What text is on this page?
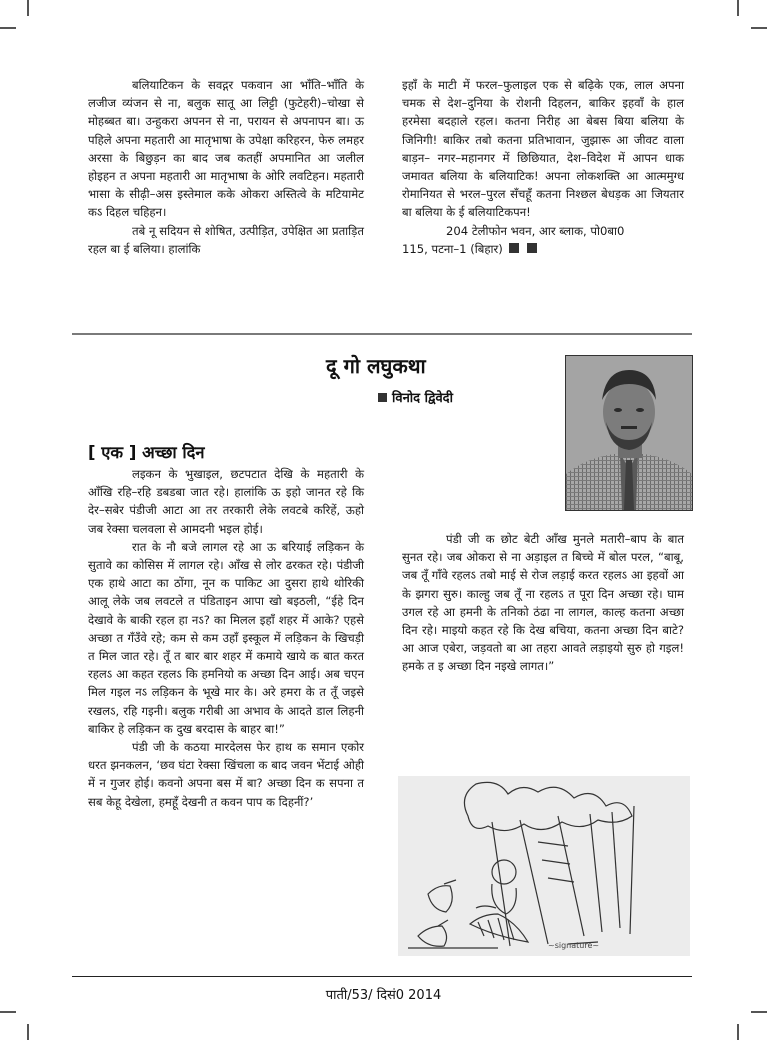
बलियाटिकन के सवद्गर पकवान आ भाँति–भाँति के लजीज व्यंजन से ना, बलुक सातू आ लिट्टी (फुटेहरी)–चोखा से मोहब्बत बा। उन्हुकरा अपनन से ना, परायन से अपनापन बा। ऊ पहिले अपना महतारी आ मातृभाषा के उपेक्षा करिहरन, फेरु लमहर अरसा के बिछुड़न का बाद जब कतहीं अपमानित आ जलील होइहन त अपना महतारी आ मातृभाषा के ओरि लवटिहन। महतारी भासा के सीढ़ी–अस इस्तेमाल कके ओकरा अस्तित्वे के मटियामेट कऽ दिहल चहिहन।

तबे नू सदियन से शोषित, उत्पीड़ित, उपेक्षित आ प्रताड़ित रहल बा ई बलिया। हालांकि

इहाँ के माटी में फरल–फुलाइल एक से बढ़िके एक, लाल अपना चमक से देश–दुनिया के रोशनी दिहलन, बाकिर इहवाँ के हाल हरमेसा बदहाले रहल। कतना निरीह आ बेबस बिया बलिया के जिनिगी! बाकिर तबो कतना प्रतिभावान, जुझारू आ जीवट वाला बाड़न– नगर–महानगर में छिछियात, देश–विदेश में आपन धाक जमावत बलिया के बलियाटिक! अपना लोकशक्ति आ आत्ममुग्ध रोमानियत से भरल–पुरल सँचहूँ कतना निश्छल बेधड़क आ जियतार बा बलिया के ई बलियाटिकपन!

204 टेलीफोन भवन, आर ब्लाक, पो0बा0

115, पटना–1 (बिहार)

दू गो लघुकथा
विनोद द्विवेदी
[ एक ] अच्छा दिन

लइकन के भुखाइल, छटपटात देखि के महतारी के आँखि रहि–रहि डबडबा जात रहे। हालांकि ऊ इहो जानत रहे कि देर–सबेर पंडीजी आटा आ तर तरकारी लेके लवटबे करिहें, ऊहो जब रेक्सा चलवला से आमदनी भइल होई।

रात के नौ बजे लागल रहे आ ऊ बरियाई लड़िकन के सुतावे का कोसिस में लागल रहे। आँख से लोर ढरकत रहे। पंडीजी एक हाथे आटा का ठोंगा, नून क पाकिट आ दुसरा हाथे थोरिकी आलू लेके जब लवटले त पंडिताइन आपा खो बइठली, “ईहे दिन देखावे के बाकी रहल हा नऽ? का मिलल इहाँ शहर में आके? एहसे अच्छा त गँउँवे रहे; कम से कम उहाँ इस्कूल में लड़िकन के खिचड़ी त मिल जात रहे। तूँ त बार बार शहर में कमाये खाये क बात करत रहलऽ आ कहत रहलऽ कि हमनियो क अच्छा दिन आई। अब चएन मिल गइल नऽ लड़िकन के भूखे मार के। अरे हमरा के त तूँ जइसे रखलऽ, रहि गइनी। बलुक गरीबी आ अभाव के आदते डाल लिहनी बाकिर हे लड़िकन क दुख बरदास के बाहर बा!”

पंडी जी के कठया मारदेलस फेर हाथ क समान एकोर धरत झनकलन, ‘छव घंटा रेक्सा खिंचला क बाद जवन भेंटाई ओही में न गुजर होई। कवनो अपना बस में बा? अच्छा दिन क सपना त सब केहू देखेला, हमहूँ देखनी त कवन पाप क दिहनीं?’

पंडी जी क छोट बेटी आँख मुनले मतारी–बाप के बात सुनत रहे। जब ओकरा से ना अड़ाइल त बिच्चे में बोल परल, “बाबू, जब तूँ गाँवे रहलऽ तबो माई से रोज लड़ाई करत रहलऽ आ इहवों आ के झगरा सुरु। काल्हु जब तूँ ना रहलऽ त पूरा दिन अच्छा रहे। घाम उगल रहे आ हमनी के तनिको ठंढा ना लागल, काल्ह कतना अच्छा दिन रहे। माइयो कहत रहे कि देख बचिया, कतना अच्छा दिन बाटे? आ आज एबेरा, जड़वतो बा आ तहरा आवते लड़ाइयो सुरु हो गइल! हमके त इ अच्छा दिन नइखे लागत।”

~signature~
पाती/53/ दिसं0 2014
